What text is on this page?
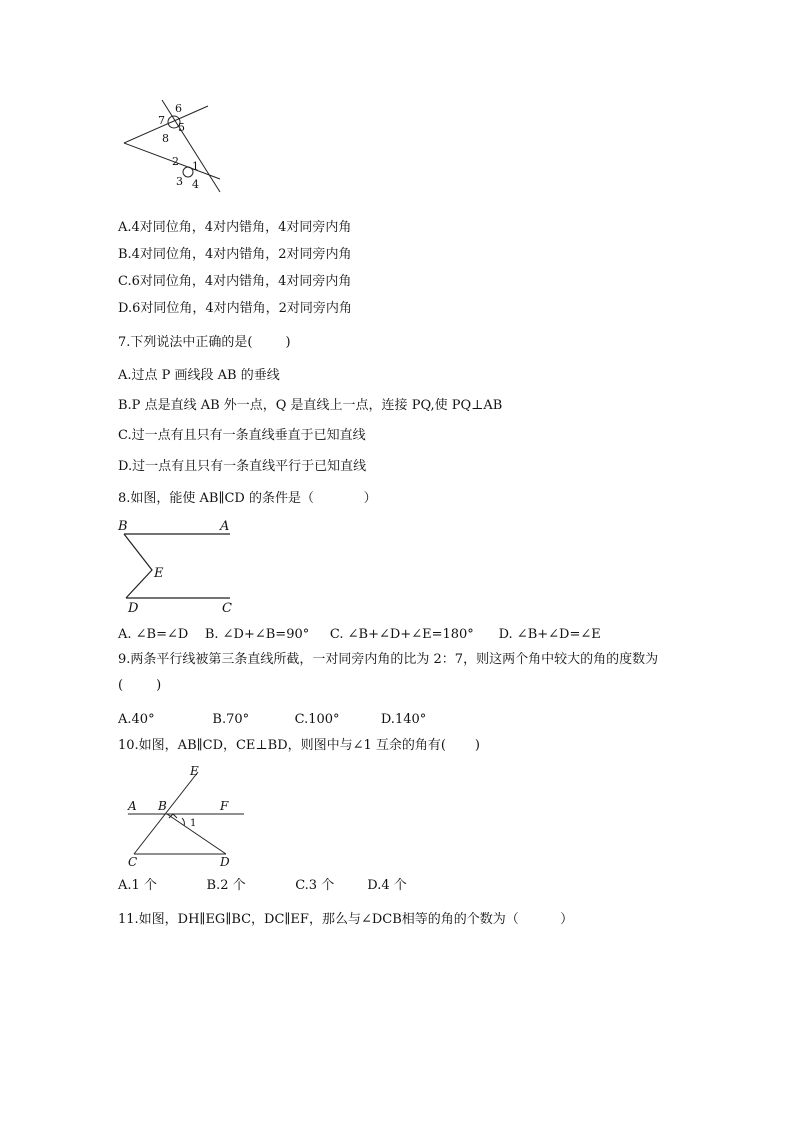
6
7
5
8
2 1
3 4
A.4对同位角，4对内错角，4对同旁内角
B.4对同位角，4对内错角，2对同旁内角
C.6对同位角，4对内错角，4对同旁内角
D.6对同位角，4对内错角，2对同旁内角
7.下列说法中正确的是(        )
A.过点 P 画线段 AB 的垂线
B.P 点是直线 AB 外一点，Q 是直线上一点，连接 PQ,使 PQ⊥AB
C.过一点有且只有一条直线垂直于已知直线
D.过一点有且只有一条直线平行于已知直线
8.如图，能使 AB∥CD 的条件是（            ）
B	A
E
D	C
A. ∠B=∠D    B. ∠D+∠B=90°     C. ∠B+∠D+∠E=180°      D. ∠B+∠D=∠E
9.两条平行线被第三条直线所截，一对同旁内角的比为 2：7，则这两个角中较大的角的度数为
(        )
A.40°              B.70°           C.100°          D.140°
10.如图，AB∥CD，CE⊥BD，则图中与∠1 互余的角有(       )
E
A B	F
1
C	D
A.1 个            B.2 个            C.3 个        D.4 个
11.如图，DH∥EG∥BC，DC∥EF，那么与∠DCB相等的角的个数为（          ）
